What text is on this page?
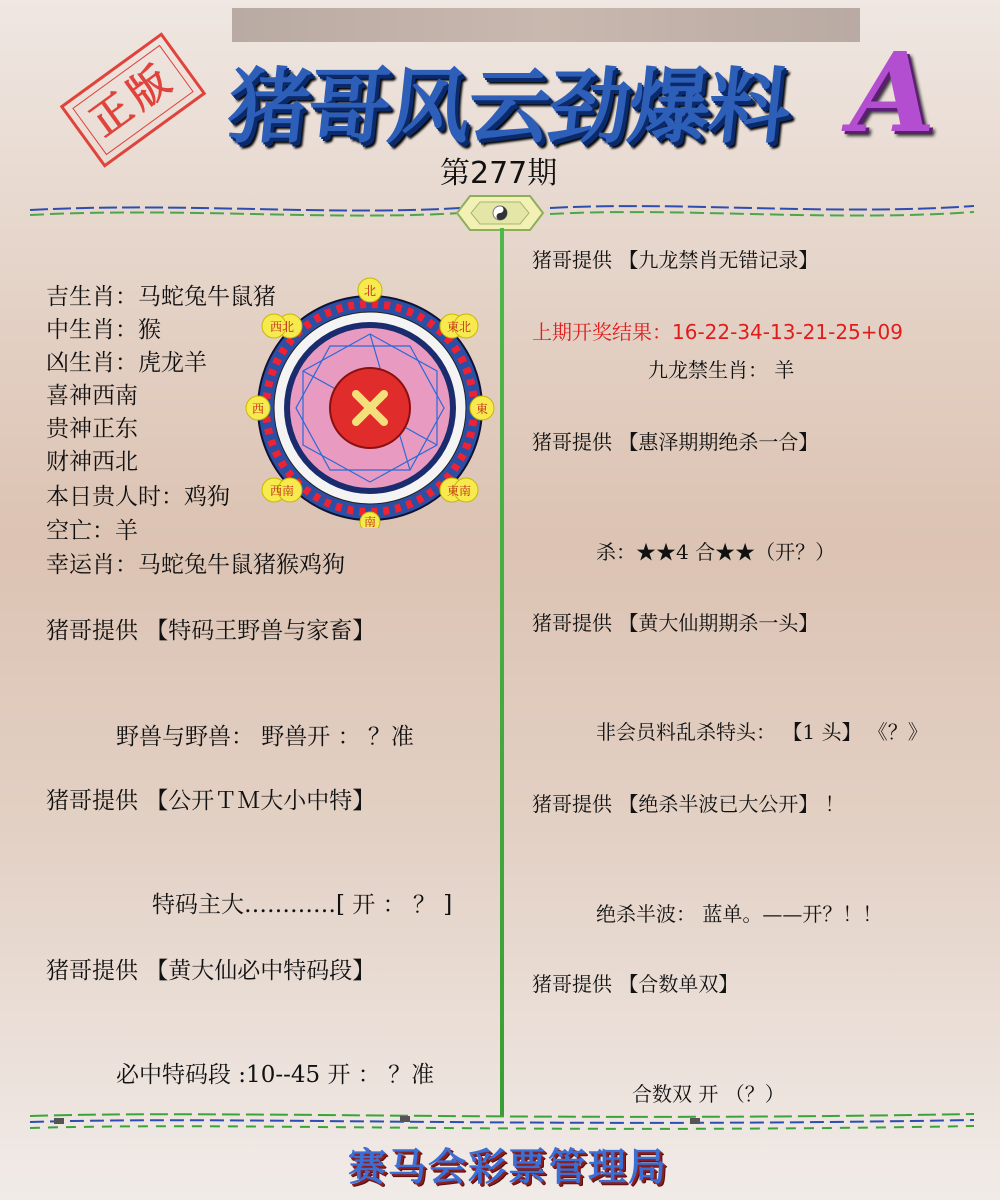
正版 猪哥风云劲爆料 A
第277期
吉生肖：马蛇兔牛鼠猪
中生肖：猴
凶生肖：虎龙羊
喜神西南
贵神正东
财神西北
本日贵人时：鸡狗
空亡：羊
幸运肖：马蛇兔牛鼠猪猴鸡狗
猪哥提供 【特码王野兽与家畜】
野兽与野兽： 野兽开 ： ？准
猪哥提供 【公开ＴＭ大小中特】
特码主大…………[ 开 ： ？ ]
猪哥提供 【黄大仙必中特码段】
必中特码段 :10--45 开 ： ？准
北
東北
東
東南
南
西南
西
西北
猪哥提供 【九龙禁肖无错记录】
上期开奖结果：16-22-34-13-21-25+09
九龙禁生肖： 羊
猪哥提供 【惠泽期期绝杀一合】
杀：★★4 合★★（开？）
猪哥提供 【黄大仙期期杀一头】
非会员料乱杀特头： 【1 头】 《？》
猪哥提供 【绝杀半波已大公开】 ！
绝杀半波： 蓝单。——开？！！
猪哥提供 【合数单双】
合数双 开 （？）
赛马会彩票管理局
